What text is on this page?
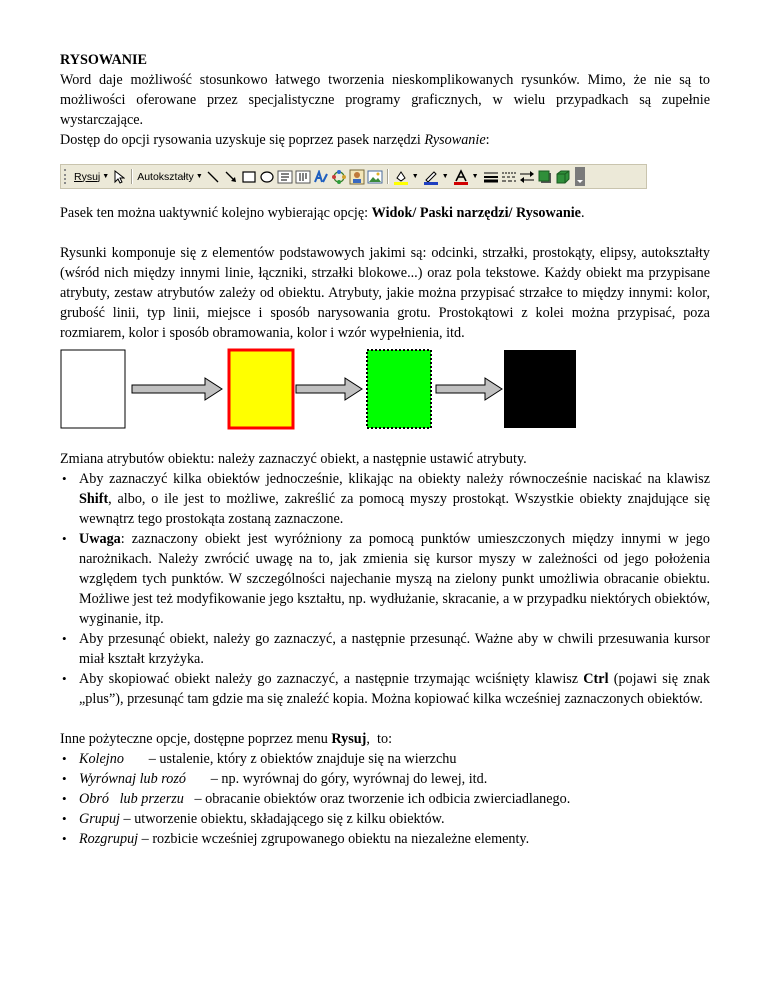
RYSOWANIE

Word daje możliwość stosunkowo łatwego tworzenia nieskomplikowanych rysunków. Mimo, że nie są to możliwości oferowane przez specjalistyczne programy graficznych, w wielu przypadkach są zupełnie wystarczające.

Dostęp do opcji rysowania uzyskuje się poprzez pasek narzędzi Rysowanie:

Rysuj ▼	Autokształty ▼	▼	▼	▼

Pasek ten można uaktywnić kolejno wybierając opcję: Widok/ Paski narzędzi/ Rysowanie.

Rysunki komponuje się z elementów podstawowych jakimi są: odcinki, strzałki, prostokąty, elipsy, autokształty (wśród nich między innymi linie, łączniki, strzałki blokowe...) oraz pola tekstowe. Każdy obiekt ma przypisane atrybuty, zestaw atrybutów zależy od obiektu. Atrybuty, jakie można przypisać strzałce to między innymi: kolor, grubość linii, typ linii, miejsce i sposób narysowania grotu. Prostokątowi z kolei można przypisać, poza rozmiarem, kolor i sposób obramowania, kolor i wzór wypełnienia, itd.

Zmiana atrybutów obiektu: należy zaznaczyć obiekt, a następnie ustawić atrybuty.

• Aby zaznaczyć kilka obiektów jednocześnie, klikając na obiekty należy równocześnie naciskać na klawisz Shift, albo, o ile jest to możliwe, zakreślić za pomocą myszy prostokąt. Wszystkie obiekty znajdujące się wewnątrz tego prostokąta zostaną zaznaczone.
• Uwaga: zaznaczony obiekt jest wyróżniony za pomocą punktów umieszczonych między innymi w jego narożnikach. Należy zwrócić uwagę na to, jak zmienia się kursor myszy w zależności od jego położenia względem tych punktów. W szczególności najechanie myszą na zielony punkt umożliwia obracanie obiektu. Możliwe jest też modyfikowanie jego kształtu, np. wydłużanie, skracanie, a w przypadku niektórych obiektów, wyginanie, itp.
• Aby przesunąć obiekt, należy go zaznaczyć, a następnie przesunąć. Ważne aby w chwili przesuwania kursor miał kształt krzyżyka.
• Aby skopiować obiekt należy go zaznaczyć, a następnie trzymając wciśnięty klawisz Ctrl (pojawi się znak „plus”), przesunąć tam gdzie ma się znaleźć kopia. Można kopiować kilka wcześniej zaznaczonych obiektów.

Inne pożyteczne opcje, dostępne poprzez menu Rysuj,  to:

• Kolejno       – ustalenie, który z obiektów znajduje się na wierzchu
• Wyrównaj lub rozó       – np. wyrównaj do góry, wyrównaj do lewej, itd.
• Obró   lub przerzu   – obracanie obiektów oraz tworzenie ich odbicia zwierciadlanego.
• Grupuj – utworzenie obiektu, składającego się z kilku obiektów.
• Rozgrupuj – rozbicie wcześniej zgrupowanego obiektu na niezależne elementy.
